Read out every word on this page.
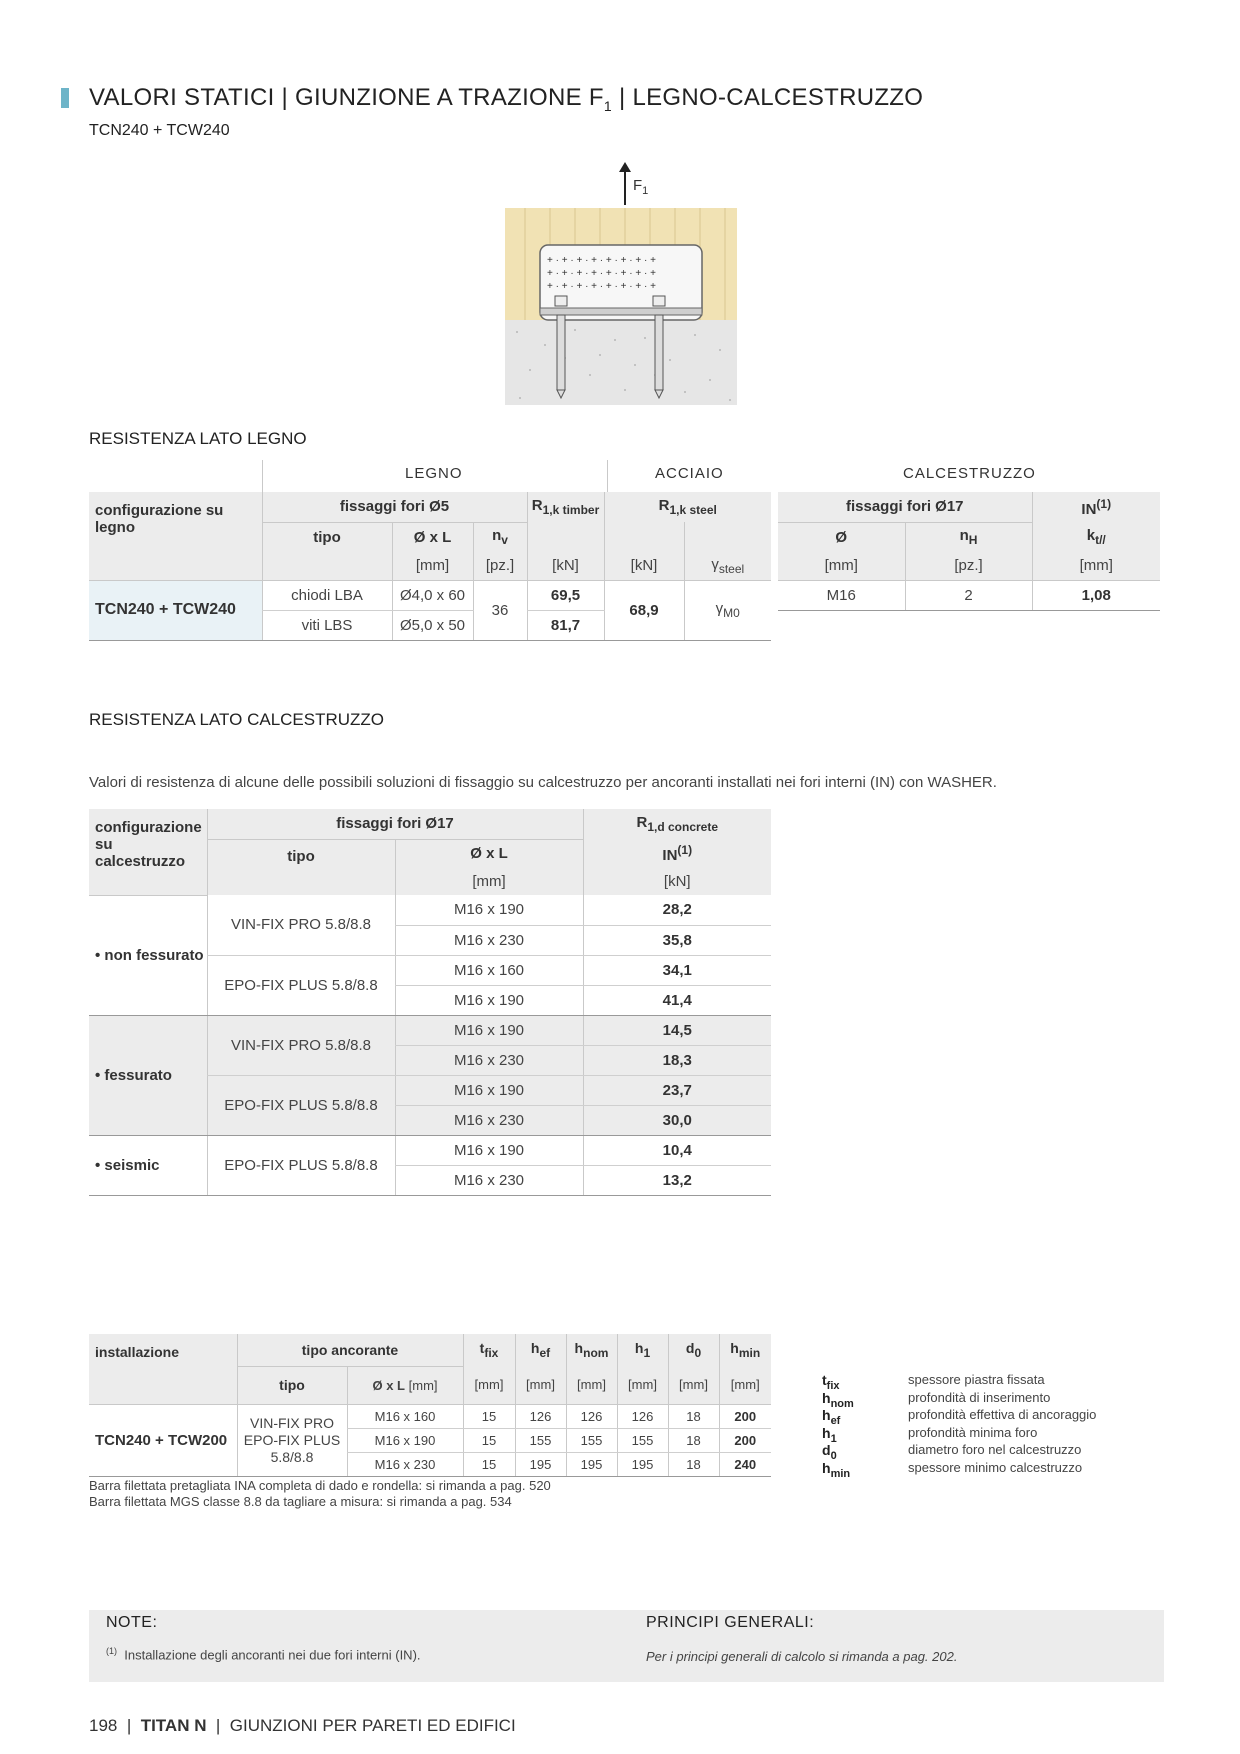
VALORI STATICI | GIUNZIONE A TRAZIONE $F_1$ | LEGNO-CALCESTRUZZO
TCN240 + TCW240
$F_1$
+ · + · + · + · + · + · + · +
+ · + · + · + · + · + · + · +
+ · + · + · + · + · + · + · +
RESISTENZA LATO LEGNO
LEGNO	ACCIAIO	CALCESTRUZZO
configurazione su legno	fissaggi fori Ø5			$R_{1,k timber}$	$R_{1,k steel}$
	tipo	Ø x L	$n_v$			
		[mm]	[pz.]	[kN]	[kN]	$\gamma_{steel}$
TCN240 + TCW240	chiodi LBA	Ø4,0 x 60	36	69,5	68,9	$\gamma_{M0}$
	viti LBS	Ø5,0 x 50		81,7		
fissaggi fori Ø17		IN$^{(1)}$
Ø	$n_H$	$k_{t//}$
[mm]	[pz.]	[mm]
M16	2	1,08
RESISTENZA LATO CALCESTRUZZO
Valori di resistenza di alcune delle possibili soluzioni di fissaggio su calcestruzzo per ancoranti installati nei fori interni (IN) con WASHER.
configurazione su calcestruzzo	fissaggi fori Ø17		$R_{1,d concrete}$
	tipo	Ø x L	IN$^{(1)}$
		[mm]	[kN]
• non fessurato	VIN-FIX PRO 5.8/8.8	M16 x 190	28,2
		M16 x 230	35,8
	EPO-FIX PLUS 5.8/8.8	M16 x 160	34,1
		M16 x 190	41,4
• fessurato	VIN-FIX PRO 5.8/8.8	M16 x 190	14,5
		M16 x 230	18,3
	EPO-FIX PLUS 5.8/8.8	M16 x 190	23,7
		M16 x 230	30,0
• seismic	EPO-FIX PLUS 5.8/8.8	M16 x 190	10,4
		M16 x 230	13,2
installazione	tipo ancorante		$t_{fix}$	$h_{ef}$	$h_{nom}$	$h_1$	$d_0$	$h_{min}$
	tipo	Ø x L [mm]	[mm]	[mm]	[mm]	[mm]	[mm]	[mm]
TCN240 + TCW200	VIN-FIX PRO
EPO-FIX PLUS
5.8/8.8	M16 x 160	15	126	126	126	18	200
		M16 x 190	15	155	155	155	18	200
		M16 x 230	15	195	195	195	18	240
Barra filettata pretagliata INA completa di dado e rondella: si rimanda a pag. 520
Barra filettata MGS classe 8.8 da tagliare a misura: si rimanda a pag. 534
$t_{fix}$	spessore piastra fissata
$h_{nom}$	profondità di inserimento
$h_{ef}$	profondità effettiva di ancoraggio
$h_1$	profondità minima foro
$d_0$	diametro foro nel calcestruzzo
$h_{min}$	spessore minimo calcestruzzo
NOTE:
$^{(1)}$ Installazione degli ancoranti nei due fori interni (IN).
PRINCIPI GENERALI:
Per i principi generali di calcolo si rimanda a pag. 202.
198  |  TITAN N  |  GIUNZIONI PER PARETI ED EDIFICI
